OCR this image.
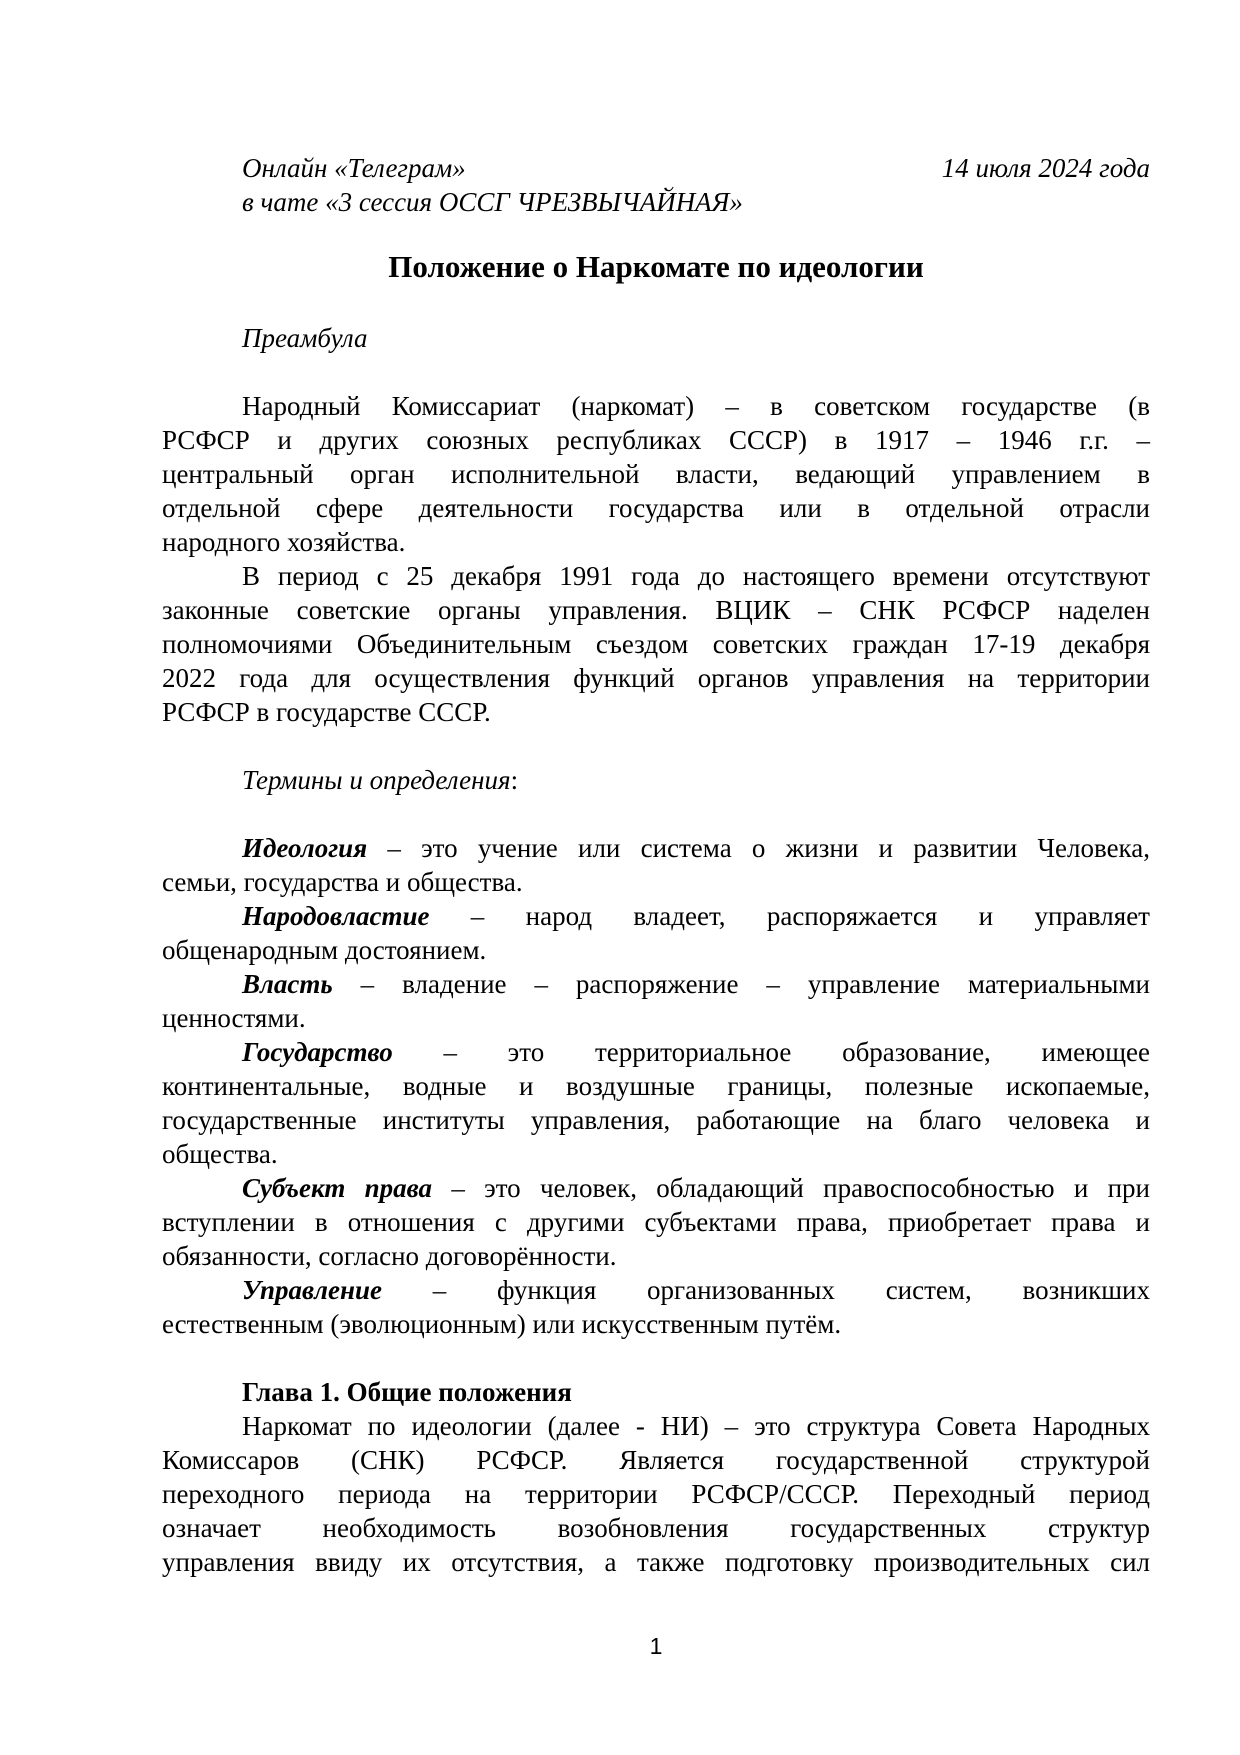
Онлайн «Телеграм»	14 июля 2024 года
в чате «3 сессия ОССГ ЧРЕЗВЫЧАЙНАЯ»
Положение о Наркомате по идеологии
Преамбула
Народный Комиссариат (наркомат) – в советском государстве (в
РСФСР и других союзных республиках СССР) в 1917 – 1946 г.г. –
центральный орган исполнительной власти, ведающий управлением в
отдельной сфере деятельности государства или в отдельной отрасли
народного хозяйства.
В период с 25 декабря 1991 года до настоящего времени отсутствуют
законные советские органы управления. ВЦИК – СНК РСФСР наделен
полномочиями Объединительным съездом советских граждан 17-19 декабря
2022 года для осуществления функций органов управления на территории
РСФСР в государстве СССР.
Термины и определения:
Идеология – это учение или система о жизни и развитии Человека,
семьи, государства и общества.
Народовластие – народ владеет, распоряжается и управляет
общенародным достоянием.
Власть – владение – распоряжение – управление материальными
ценностями.
Государство – это территориальное образование, имеющее
континентальные, водные и воздушные границы, полезные ископаемые,
государственные институты управления, работающие на благо человека и
общества.
Субъект права – это человек, обладающий правоспособностью и при
вступлении в отношения с другими субъектами права, приобретает права и
обязанности, согласно договорённости.
Управление – функция организованных систем, возникших
естественным (эволюционным) или искусственным путём.
Глава 1. Общие положения
Наркомат по идеологии (далее - НИ) – это структура Совета Народных
Комиссаров (СНК) РСФСР. Является государственной структурой
переходного периода на территории РСФСР/СССР. Переходный период
означает необходимость возобновления государственных структур
управления ввиду их отсутствия, а также подготовку производительных сил
1
